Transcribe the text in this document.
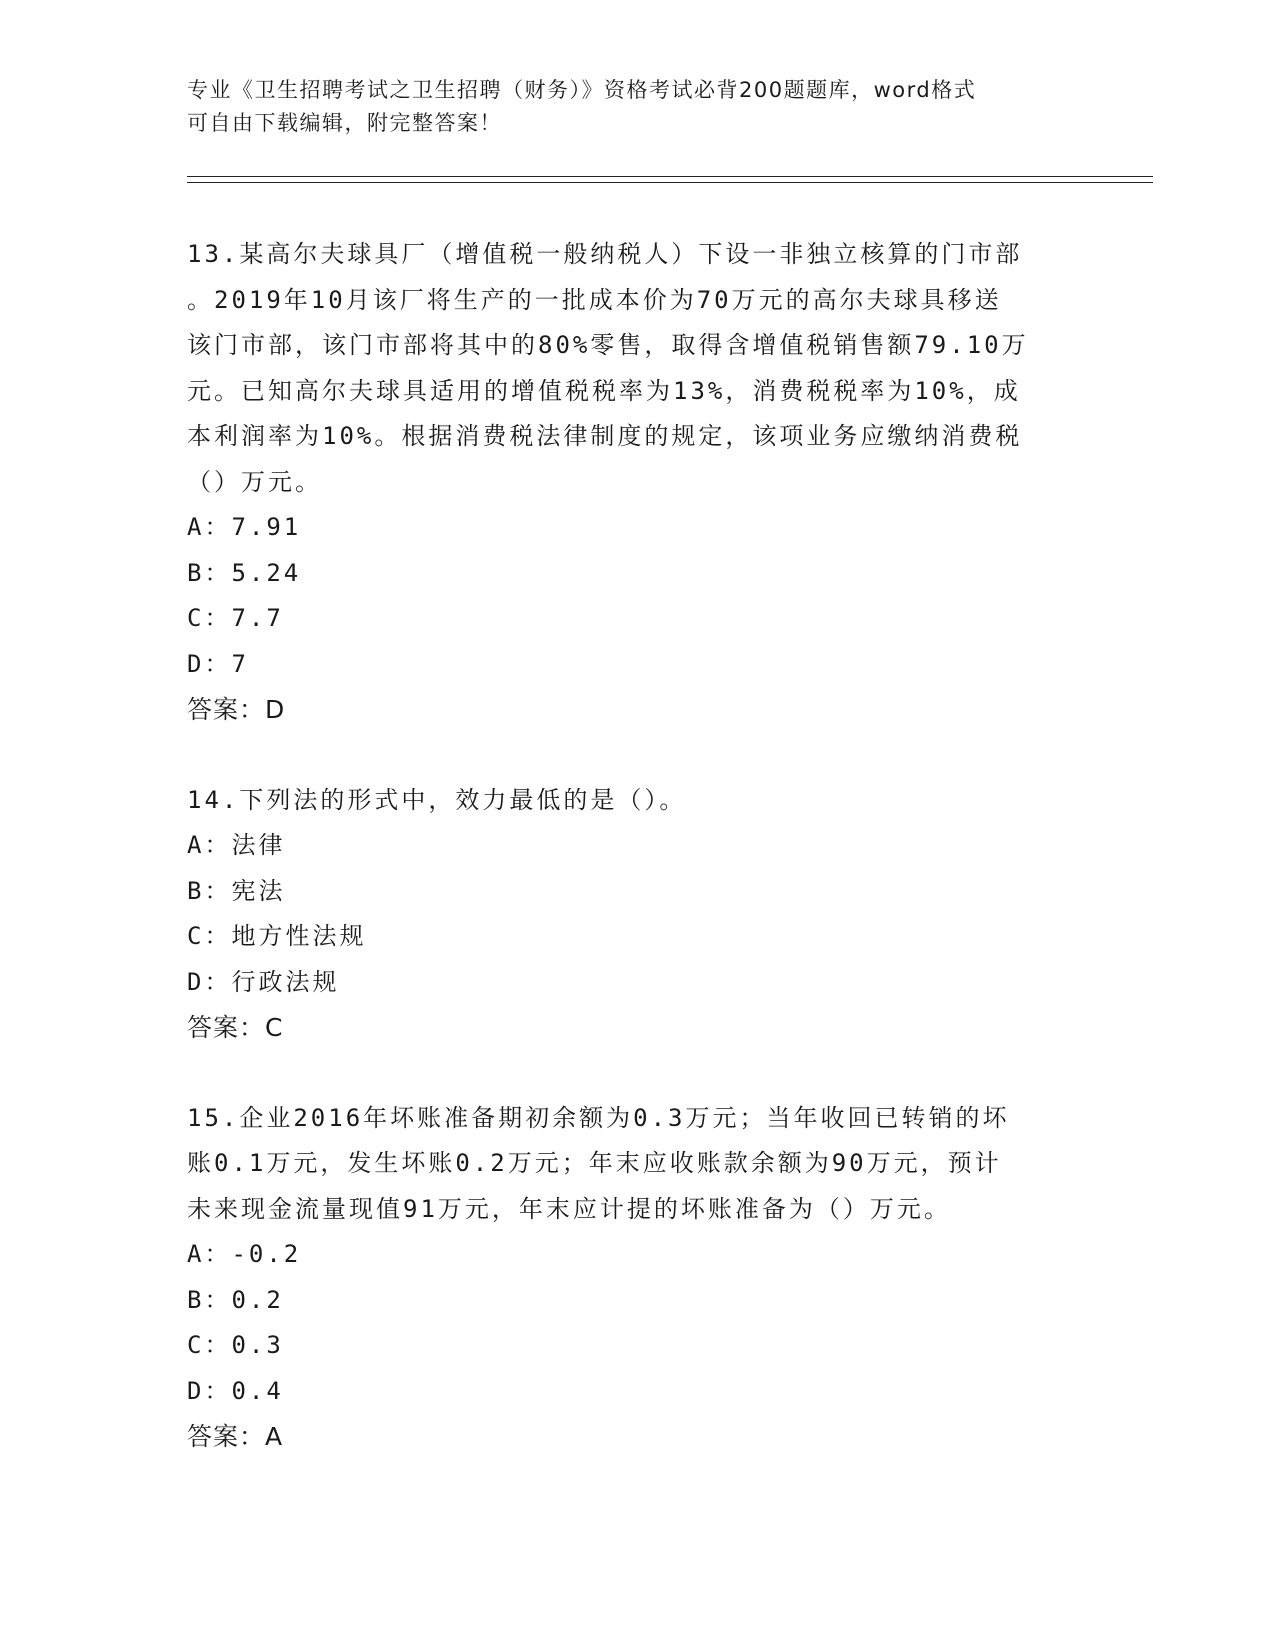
专业《卫生招聘考试之卫生招聘（财务）》资格考试必背200题题库，word格式
可自由下载编辑，附完整答案！

13.某高尔夫球具厂（增值税一般纳税人）下设一非独立核算的门市部

。2019年10月该厂将生产的一批成本价为70万元的高尔夫球具移送

该门市部，该门市部将其中的80%零售，取得含增值税销售额79.10万

元。已知高尔夫球具适用的增值税税率为13%，消费税税率为10%，成

本利润率为10%。根据消费税法律制度的规定，该项业务应缴纳消费税

（）万元。

A：7.91

B：5.24

C：7.7

D：7

答案：D

14.下列法的形式中，效力最低的是（）。

A：法律

B：宪法

C：地方性法规

D：行政法规

答案：C

15.企业2016年坏账准备期初余额为0.3万元；当年收回已转销的坏

账0.1万元，发生坏账0.2万元；年末应收账款余额为90万元，预计

未来现金流量现值91万元，年末应计提的坏账准备为（）万元。

A：-0.2

B：0.2

C：0.3

D：0.4

答案：A
